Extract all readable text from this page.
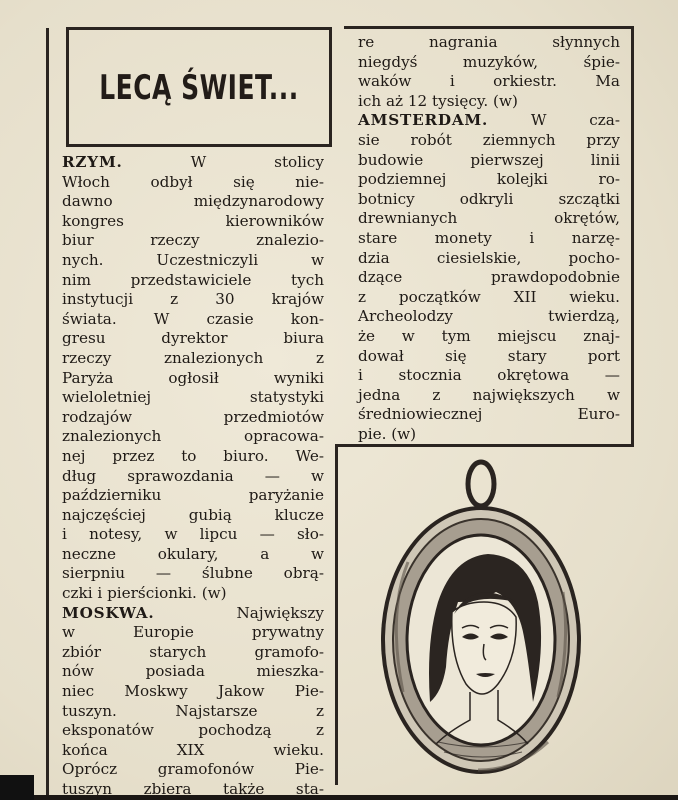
LECĄ ŚWIET...
RZYM. W stolicy
Włoch odbył się nie-
dawno międzynarodowy
kongres kierowników
biur rzeczy znalezio-
nych. Uczestniczyli w
nim przedstawiciele tych
instytucji z 30 krajów
świata. W czasie kon-
gresu dyrektor biura
rzeczy znalezionych z
Paryża ogłosił wyniki
wieloletniej statystyki
rodzajów przedmiotów
znalezionych opracowa-
nej przez to biuro. We-
dług sprawozdania — w
październiku paryżanie
najczęściej gubią klucze
i notesy, w lipcu — sło-
neczne okulary, a w
sierpniu — ślubne obrą-
czki i pierścionki. (w)
MOSKWA. Największy
w Europie prywatny
zbiór starych gramofo-
nów posiada mieszka-
niec Moskwy Jakow Pie-
tuszyn. Najstarsze z
eksponatów pochodzą z
końca XIX wieku.
Oprócz gramofonów Pie-
tuszyn zbiera także sta-
re nagrania słynnych
niegdyś muzyków, śpie-
waków i orkiestr. Ma
ich aż 12 tysięcy. (w)
AMSTERDAM. W cza-
sie robót ziemnych przy
budowie pierwszej linii
podziemnej kolejki ro-
botnicy odkryli szczątki
drewnianych okrętów,
stare monety i narzę-
dzia ciesielskie, pocho-
dzące prawdopodobnie
z początków XII wieku.
Archeolodzy twierdzą,
że w tym miejscu znaj-
dował się stary port
i stocznia okrętowa —
jedna z największych w
średniowiecznej Euro-
pie. (w)
